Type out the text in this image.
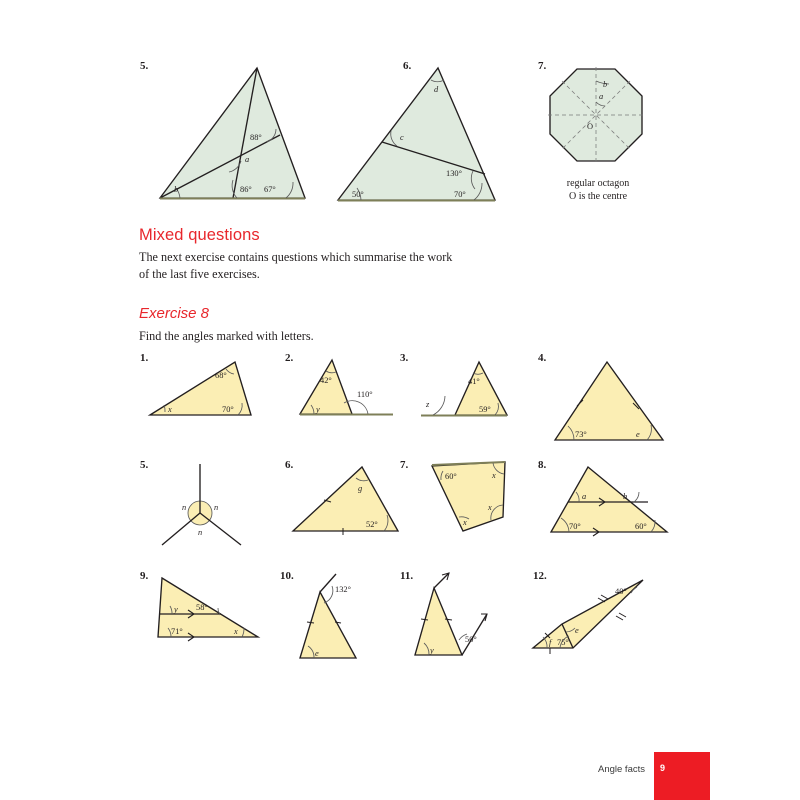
5.
88°
a
b	86° 67°
6.
d
c
130°
50°	70°
7.
b
a
O
regular octagon
O is the centre
Mixed questions
The next exercise contains questions which summarise the work
of the last five exercises.
Exercise 8
Find the angles marked with letters.
1.
68°
x	70°
2.
42°
y
110°
3.
41°
z
59°
4.
73°	e
5.
n	n
n
6.
g
52°
7.
60°	x
x
x
8.
a	b
70°	60°
9.
58°
y
71°	x
10.
132°
e
11.
50°
y
12.
40°
e
f 75°
Angle facts 9
